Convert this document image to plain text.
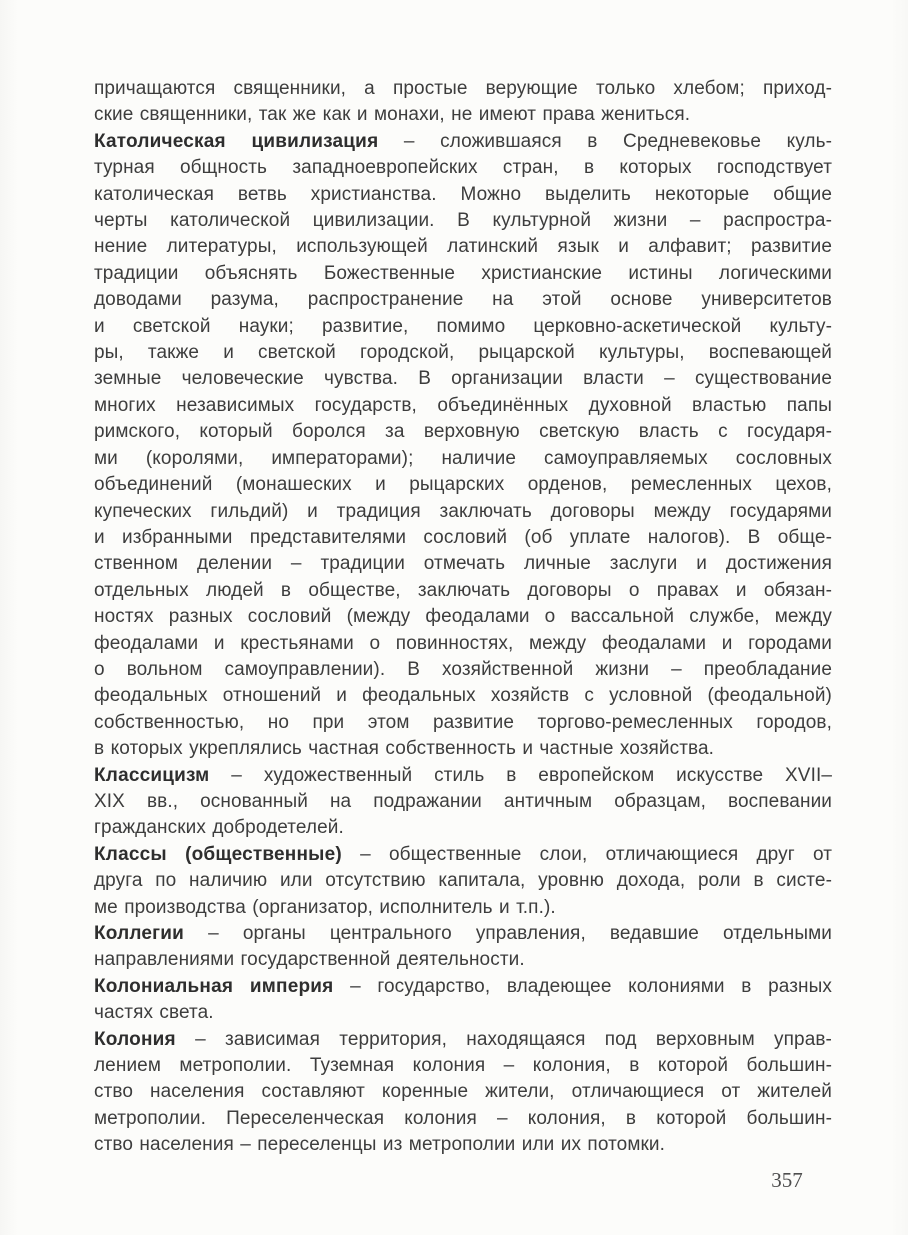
причащаются священники, а простые верующие только хлебом; приход-
ские священники, так же как и монахи, не имеют права жениться.
Католическая цивилизация – сложившаяся в Средневековье куль-
турная общность западноевропейских стран, в которых господствует
католическая ветвь христианства. Можно выделить некоторые общие
черты католической цивилизации. В культурной жизни – распростра-
нение литературы, использующей латинский язык и алфавит; развитие
традиции объяснять Божественные христианские истины логическими
доводами разума, распространение на этой основе университетов
и светской науки; развитие, помимо церковно-аскетической культу-
ры, также и светской городской, рыцарской культуры, воспевающей
земные человеческие чувства. В организации власти – существование
многих независимых государств, объединённых духовной властью папы
римского, который боролся за верховную светскую власть с государя-
ми (королями, императорами); наличие самоуправляемых сословных
объединений (монашеских и рыцарских орденов, ремесленных цехов,
купеческих гильдий) и традиция заключать договоры между государями
и избранными представителями сословий (об уплате налогов). В обще-
ственном делении – традиции отмечать личные заслуги и достижения
отдельных людей в обществе, заключать договоры о правах и обязан-
ностях разных сословий (между феодалами о вассальной службе, между
феодалами и крестьянами о повинностях, между феодалами и городами
о вольном самоуправлении). В хозяйственной жизни – преобладание
феодальных отношений и феодальных хозяйств с условной (феодальной)
собственностью, но при этом развитие торгово-ремесленных городов,
в которых укреплялись частная собственность и частные хозяйства.
Классицизм – художественный стиль в европейском искусстве XVII–
XIX вв., основанный на подражании античным образцам, воспевании
гражданских добродетелей.
Классы (общественные) – общественные слои, отличающиеся друг от
друга по наличию или отсутствию капитала, уровню дохода, роли в систе-
ме производства (организатор, исполнитель и т.п.).
Коллегии – органы центрального управления, ведавшие отдельными
направлениями государственной деятельности.
Колониальная империя – государство, владеющее колониями в разных
частях света.
Колония – зависимая территория, находящаяся под верховным управ-
лением метрополии. Туземная колония – колония, в которой большин-
ство населения составляют коренные жители, отличающиеся от жителей
метрополии. Переселенческая колония – колония, в которой большин-
ство населения – переселенцы из метрополии или их потомки.
357
